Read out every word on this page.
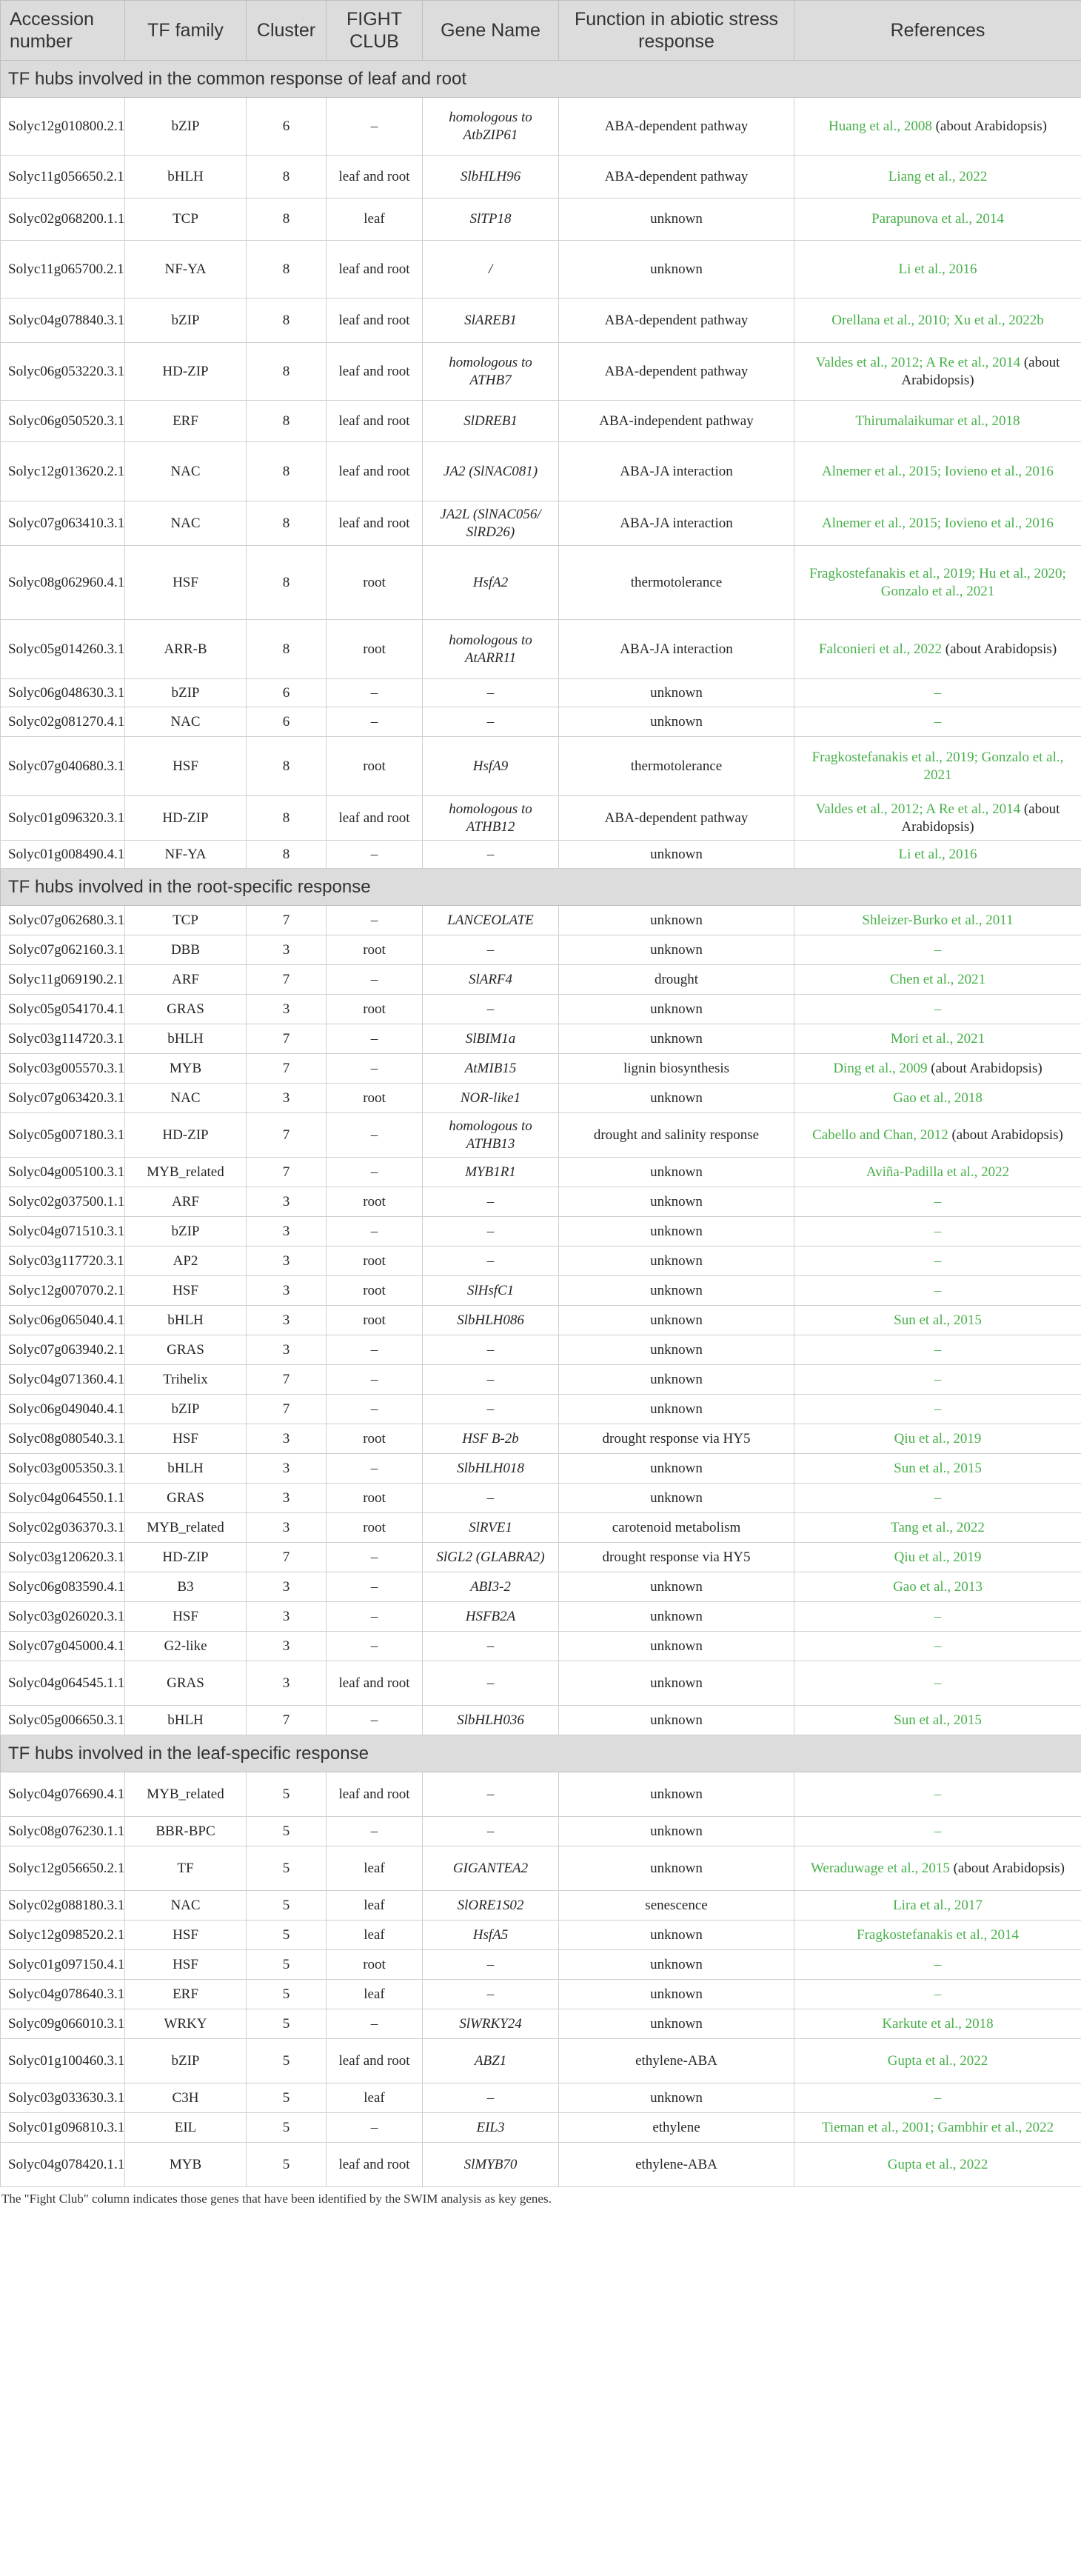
Accession number	TF family	Cluster	FIGHT CLUB	Gene Name	Function in abiotic stress response	References
TF hubs involved in the common response of leaf and root						
Solyc12g010800.2.1	bZIP	6	–	homologous to AtbZIP61	ABA-dependent pathway	Huang et al., 2008 (about Arabidopsis)
Solyc11g056650.2.1	bHLH	8	leaf and root	SlbHLH96	ABA-dependent pathway	Liang et al., 2022
Solyc02g068200.1.1	TCP	8	leaf	SlTP18	unknown	Parapunova et al., 2014
Solyc11g065700.2.1	NF-YA	8	leaf and root	/	unknown	Li et al., 2016
Solyc04g078840.3.1	bZIP	8	leaf and root	SlAREB1	ABA-dependent pathway	Orellana et al., 2010; Xu et al., 2022b
Solyc06g053220.3.1	HD-ZIP	8	leaf and root	homologous to ATHB7	ABA-dependent pathway	Valdes et al., 2012; A Re et al., 2014 (about Arabidopsis)
Solyc06g050520.3.1	ERF	8	leaf and root	SlDREB1	ABA-independent pathway	Thirumalaikumar et al., 2018
Solyc12g013620.2.1	NAC	8	leaf and root	JA2 (SlNAC081)	ABA-JA interaction	Alnemer et al., 2015; Iovieno et al., 2016
Solyc07g063410.3.1	NAC	8	leaf and root	JA2L (SlNAC056/ SlRD26)	ABA-JA interaction	Alnemer et al., 2015; Iovieno et al., 2016
Solyc08g062960.4.1	HSF	8	root	HsfA2	thermotolerance	Fragkostefanakis et al., 2019; Hu et al., 2020; Gonzalo et al., 2021
Solyc05g014260.3.1	ARR-B	8	root	homologous to AtARR11	ABA-JA interaction	Falconieri et al., 2022 (about Arabidopsis)
Solyc06g048630.3.1	bZIP	6	–	–	unknown	–
Solyc02g081270.4.1	NAC	6	–	–	unknown	–
Solyc07g040680.3.1	HSF	8	root	HsfA9	thermotolerance	Fragkostefanakis et al., 2019; Gonzalo et al., 2021
Solyc01g096320.3.1	HD-ZIP	8	leaf and root	homologous to ATHB12	ABA-dependent pathway	Valdes et al., 2012; A Re et al., 2014 (about Arabidopsis)
Solyc01g008490.4.1	NF-YA	8	–	–	unknown	Li et al., 2016
TF hubs involved in the root-specific response						
Solyc07g062680.3.1	TCP	7	–	LANCEOLATE	unknown	Shleizer-Burko et al., 2011
Solyc07g062160.3.1	DBB	3	root	–	unknown	–
Solyc11g069190.2.1	ARF	7	–	SlARF4	drought	Chen et al., 2021
Solyc05g054170.4.1	GRAS	3	root	–	unknown	–
Solyc03g114720.3.1	bHLH	7	–	SlBIM1a	unknown	Mori et al., 2021
Solyc03g005570.3.1	MYB	7	–	AtMIB15	lignin biosynthesis	Ding et al., 2009 (about Arabidopsis)
Solyc07g063420.3.1	NAC	3	root	NOR-like1	unknown	Gao et al., 2018
Solyc05g007180.3.1	HD-ZIP	7	–	homologous to ATHB13	drought and salinity response	Cabello and Chan, 2012 (about Arabidopsis)
Solyc04g005100.3.1	MYB_related	7	–	MYB1R1	unknown	Aviña-Padilla et al., 2022
Solyc02g037500.1.1	ARF	3	root	–	unknown	–
Solyc04g071510.3.1	bZIP	3	–	–	unknown	–
Solyc03g117720.3.1	AP2	3	root	–	unknown	–
Solyc12g007070.2.1	HSF	3	root	SlHsfC1	unknown	–
Solyc06g065040.4.1	bHLH	3	root	SlbHLH086	unknown	Sun et al., 2015
Solyc07g063940.2.1	GRAS	3	–	–	unknown	–
Solyc04g071360.4.1	Trihelix	7	–	–	unknown	–
Solyc06g049040.4.1	bZIP	7	–	–	unknown	–
Solyc08g080540.3.1	HSF	3	root	HSF B-2b	drought response via HY5	Qiu et al., 2019
Solyc03g005350.3.1	bHLH	3	–	SlbHLH018	unknown	Sun et al., 2015
Solyc04g064550.1.1	GRAS	3	root	–	unknown	–
Solyc02g036370.3.1	MYB_related	3	root	SlRVE1	carotenoid metabolism	Tang et al., 2022
Solyc03g120620.3.1	HD-ZIP	7	–	SlGL2 (GLABRA2)	drought response via HY5	Qiu et al., 2019
Solyc06g083590.4.1	B3	3	–	ABI3-2	unknown	Gao et al., 2013
Solyc03g026020.3.1	HSF	3	–	HSFB2A	unknown	–
Solyc07g045000.4.1	G2-like	3	–	–	unknown	–
Solyc04g064545.1.1	GRAS	3	leaf and root	–	unknown	–
Solyc05g006650.3.1	bHLH	7	–	SlbHLH036	unknown	Sun et al., 2015
TF hubs involved in the leaf-specific response						
Solyc04g076690.4.1	MYB_related	5	leaf and root	–	unknown	–
Solyc08g076230.1.1	BBR-BPC	5	–	–	unknown	–
Solyc12g056650.2.1	TF	5	leaf	GIGANTEA2	unknown	Weraduwage et al., 2015 (about Arabidopsis)
Solyc02g088180.3.1	NAC	5	leaf	SlORE1S02	senescence	Lira et al., 2017
Solyc12g098520.2.1	HSF	5	leaf	HsfA5	unknown	Fragkostefanakis et al., 2014
Solyc01g097150.4.1	HSF	5	root	–	unknown	–
Solyc04g078640.3.1	ERF	5	leaf	–	unknown	–
Solyc09g066010.3.1	WRKY	5	–	SlWRKY24	unknown	Karkute et al., 2018
Solyc01g100460.3.1	bZIP	5	leaf and root	ABZ1	ethylene-ABA	Gupta et al., 2022
Solyc03g033630.3.1	C3H	5	leaf	–	unknown	–
Solyc01g096810.3.1	EIL	5	–	EIL3	ethylene	Tieman et al., 2001; Gambhir et al., 2022
Solyc04g078420.1.1	MYB	5	leaf and root	SlMYB70	ethylene-ABA	Gupta et al., 2022
The "Fight Club" column indicates those genes that have been identified by the SWIM analysis as key genes.
